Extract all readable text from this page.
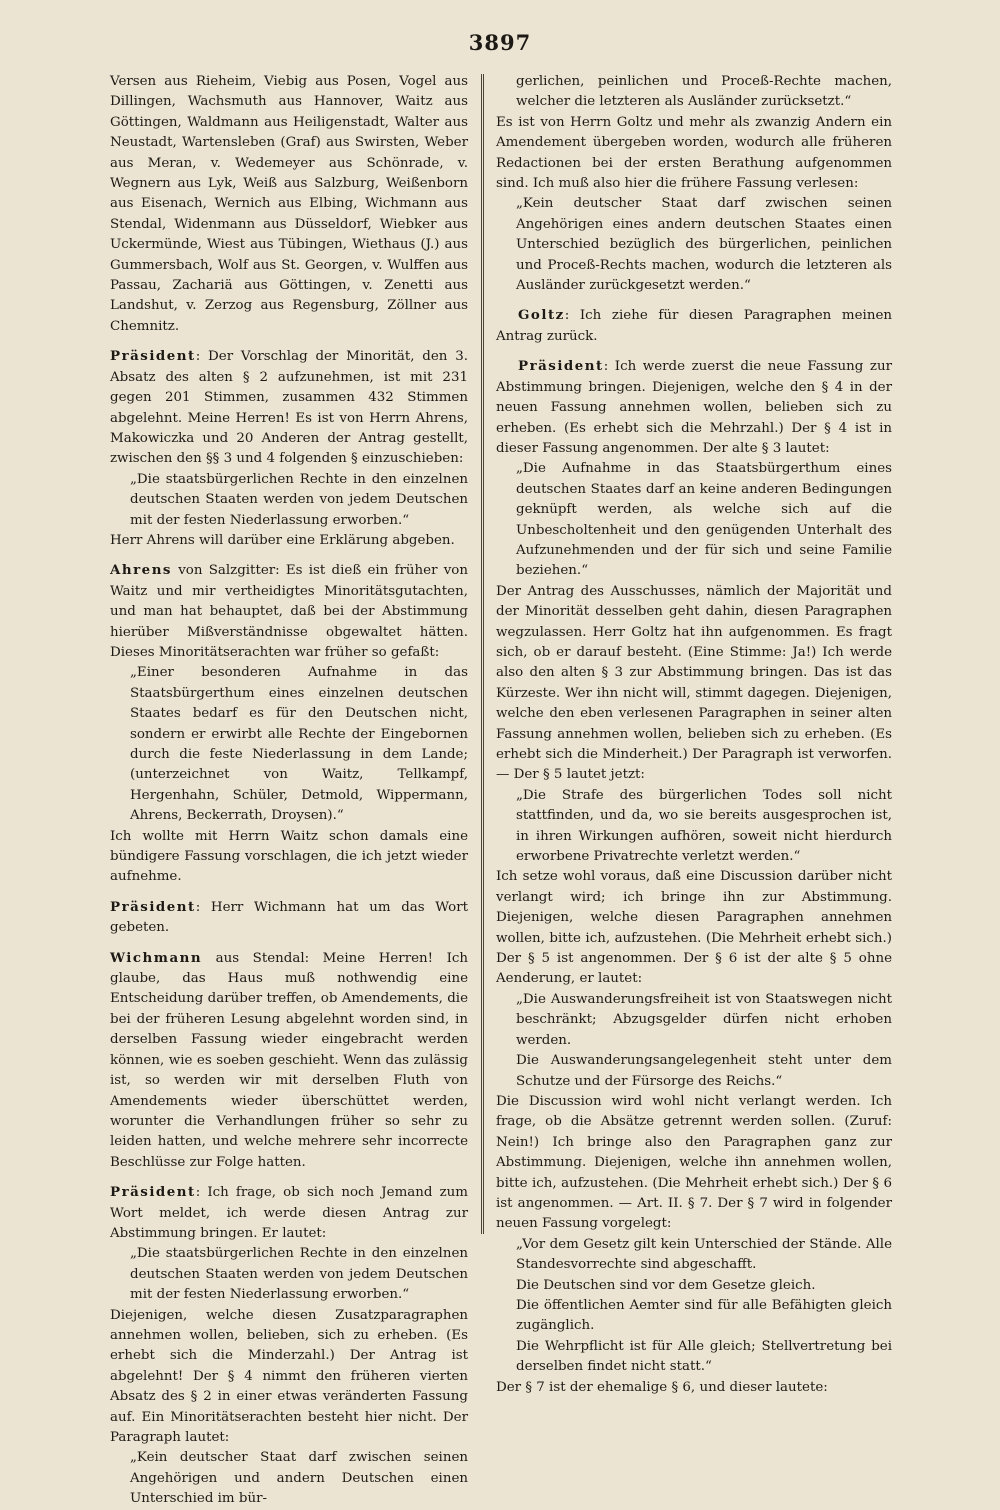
3897

Versen aus Rieheim, Viebig aus Posen, Vogel aus Dillingen, Wachsmuth aus Hannover, Waitz aus Göttingen, Waldmann aus Heiligenstadt, Walter aus Neustadt, Wartensleben (Graf) aus Swirsten, Weber aus Meran, v. Wedemeyer aus Schönrade, v. Wegnern aus Lyk, Weiß aus Salzburg, Weißenborn aus Eisenach, Wernich aus Elbing, Wichmann aus Stendal, Widenmann aus Düsseldorf, Wiebker aus Uckermünde, Wiest aus Tübingen, Wiethaus (J.) aus Gummersbach, Wolf aus St. Georgen, v. Wulffen aus Passau, Zachariä aus Göttingen, v. Zenetti aus Landshut, v. Zerzog aus Regensburg, Zöllner aus Chemnitz.

Präsident: Der Vorschlag der Minorität, den 3. Absatz des alten § 2 aufzunehmen, ist mit 231 gegen 201 Stimmen, zusammen 432 Stimmen abgelehnt. Meine Herren! Es ist von Herrn Ahrens, Makowiczka und 20 Anderen der Antrag gestellt, zwischen den §§ 3 und 4 folgenden § einzuschieben:

„Die staatsbürgerlichen Rechte in den einzelnen deutschen Staaten werden von jedem Deutschen mit der festen Niederlassung erworben.“

Herr Ahrens will darüber eine Erklärung abgeben.

Ahrens von Salzgitter: Es ist dieß ein früher von Waitz und mir vertheidigtes Minoritätsgutachten, und man hat behauptet, daß bei der Abstimmung hierüber Mißverständnisse obgewaltet hätten. Dieses Minoritätserachten war früher so gefaßt:

„Einer besonderen Aufnahme in das Staatsbürgerthum eines einzelnen deutschen Staates bedarf es für den Deutschen nicht, sondern er erwirbt alle Rechte der Eingebornen durch die feste Niederlassung in dem Lande; (unterzeichnet von Waitz, Tellkampf, Hergenhahn, Schüler, Detmold, Wippermann, Ahrens, Beckerrath, Droysen).“

Ich wollte mit Herrn Waitz schon damals eine bündigere Fassung vorschlagen, die ich jetzt wieder aufnehme.

Präsident: Herr Wichmann hat um das Wort gebeten.

Wichmann aus Stendal: Meine Herren! Ich glaube, das Haus muß nothwendig eine Entscheidung darüber treffen, ob Amendements, die bei der früheren Lesung abgelehnt worden sind, in derselben Fassung wieder eingebracht werden können, wie es soeben geschieht. Wenn das zulässig ist, so werden wir mit derselben Fluth von Amendements wieder überschüttet werden, worunter die Verhandlungen früher so sehr zu leiden hatten, und welche mehrere sehr incorrecte Beschlüsse zur Folge hatten.

Präsident: Ich frage, ob sich noch Jemand zum Wort meldet, ich werde diesen Antrag zur Abstimmung bringen. Er lautet:

„Die staatsbürgerlichen Rechte in den einzelnen deutschen Staaten werden von jedem Deutschen mit der festen Niederlassung erworben.“

Diejenigen, welche diesen Zusatzparagraphen annehmen wollen, belieben, sich zu erheben. (Es erhebt sich die Minderzahl.) Der Antrag ist abgelehnt! Der § 4 nimmt den früheren vierten Absatz des § 2 in einer etwas veränderten Fassung auf. Ein Minoritätserachten besteht hier nicht. Der Paragraph lautet:

„Kein deutscher Staat darf zwischen seinen Angehörigen und andern Deutschen einen Unterschied im bür-

gerlichen, peinlichen und Proceß-Rechte machen, welcher die letzteren als Ausländer zurücksetzt.“

Es ist von Herrn Goltz und mehr als zwanzig Andern ein Amendement übergeben worden, wodurch alle früheren Redactionen bei der ersten Berathung aufgenommen sind. Ich muß also hier die frühere Fassung verlesen:

„Kein deutscher Staat darf zwischen seinen Angehörigen eines andern deutschen Staates einen Unterschied bezüglich des bürgerlichen, peinlichen und Proceß-Rechts machen, wodurch die letzteren als Ausländer zurückgesetzt werden.“

Goltz: Ich ziehe für diesen Paragraphen meinen Antrag zurück.

Präsident: Ich werde zuerst die neue Fassung zur Abstimmung bringen. Diejenigen, welche den § 4 in der neuen Fassung annehmen wollen, belieben sich zu erheben. (Es erhebt sich die Mehrzahl.) Der § 4 ist in dieser Fassung angenommen. Der alte § 3 lautet:

„Die Aufnahme in das Staatsbürgerthum eines deutschen Staates darf an keine anderen Bedingungen geknüpft werden, als welche sich auf die Unbescholtenheit und den genügenden Unterhalt des Aufzunehmenden und der für sich und seine Familie beziehen.“

Der Antrag des Ausschusses, nämlich der Majorität und der Minorität desselben geht dahin, diesen Paragraphen wegzulassen. Herr Goltz hat ihn aufgenommen. Es fragt sich, ob er darauf besteht. (Eine Stimme: Ja!) Ich werde also den alten § 3 zur Abstimmung bringen. Das ist das Kürzeste. Wer ihn nicht will, stimmt dagegen. Diejenigen, welche den eben verlesenen Paragraphen in seiner alten Fassung annehmen wollen, belieben sich zu erheben. (Es erhebt sich die Minderheit.) Der Paragraph ist verworfen. — Der § 5 lautet jetzt:

„Die Strafe des bürgerlichen Todes soll nicht stattfinden, und da, wo sie bereits ausgesprochen ist, in ihren Wirkungen aufhören, soweit nicht hierdurch erworbene Privatrechte verletzt werden.“

Ich setze wohl voraus, daß eine Discussion darüber nicht verlangt wird; ich bringe ihn zur Abstimmung. Diejenigen, welche diesen Paragraphen annehmen wollen, bitte ich, aufzustehen. (Die Mehrheit erhebt sich.) Der § 5 ist angenommen. Der § 6 ist der alte § 5 ohne Aenderung, er lautet:

„Die Auswanderungsfreiheit ist von Staatswegen nicht beschränkt; Abzugsgelder dürfen nicht erhoben werden.

Die Auswanderungsangelegenheit steht unter dem Schutze und der Fürsorge des Reichs.“

Die Discussion wird wohl nicht verlangt werden. Ich frage, ob die Absätze getrennt werden sollen. (Zuruf: Nein!) Ich bringe also den Paragraphen ganz zur Abstimmung. Diejenigen, welche ihn annehmen wollen, bitte ich, aufzustehen. (Die Mehrheit erhebt sich.) Der § 6 ist angenommen. — Art. II. § 7. Der § 7 wird in folgender neuen Fassung vorgelegt:

„Vor dem Gesetz gilt kein Unterschied der Stände. Alle Standesvorrechte sind abgeschafft.

Die Deutschen sind vor dem Gesetze gleich.

Die öffentlichen Aemter sind für alle Befähigten gleich zugänglich.

Die Wehrpflicht ist für Alle gleich; Stellvertretung bei derselben findet nicht statt.“

Der § 7 ist der ehemalige § 6, und dieser lautete:
